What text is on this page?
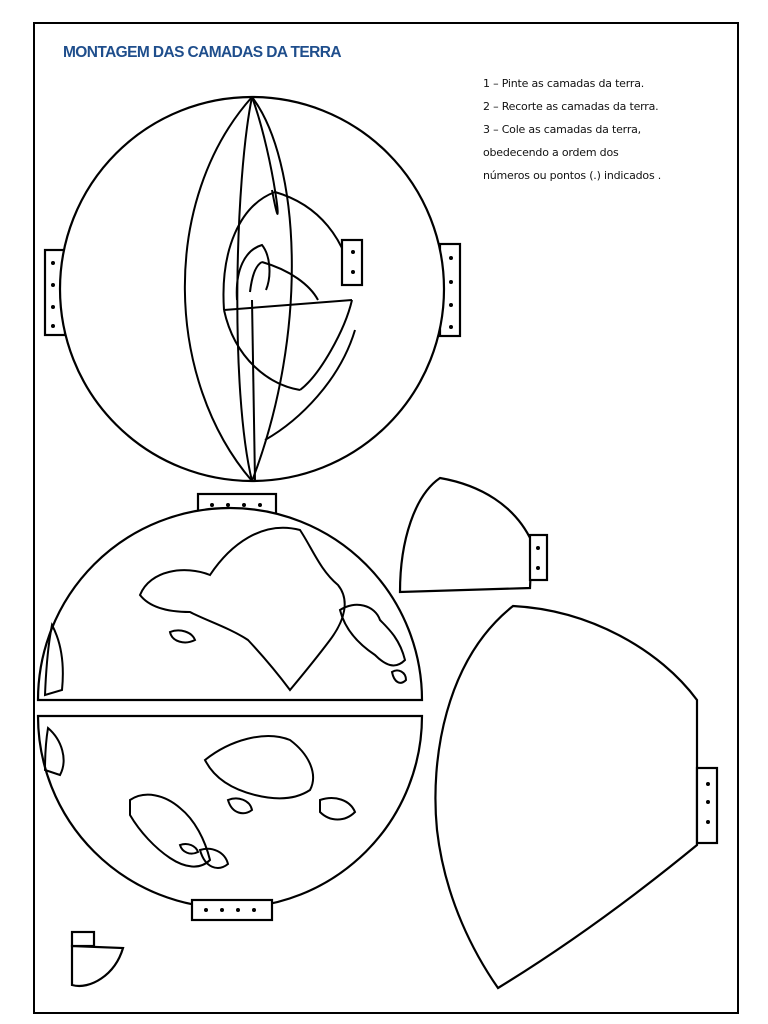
MONTAGEM DAS CAMADAS DA TERRA
1 – Pinte as camadas da terra.
2 – Recorte as camadas da terra.
3 – Cole as camadas da terra,
obedecendo a ordem dos
números ou pontos (.) indicados .
